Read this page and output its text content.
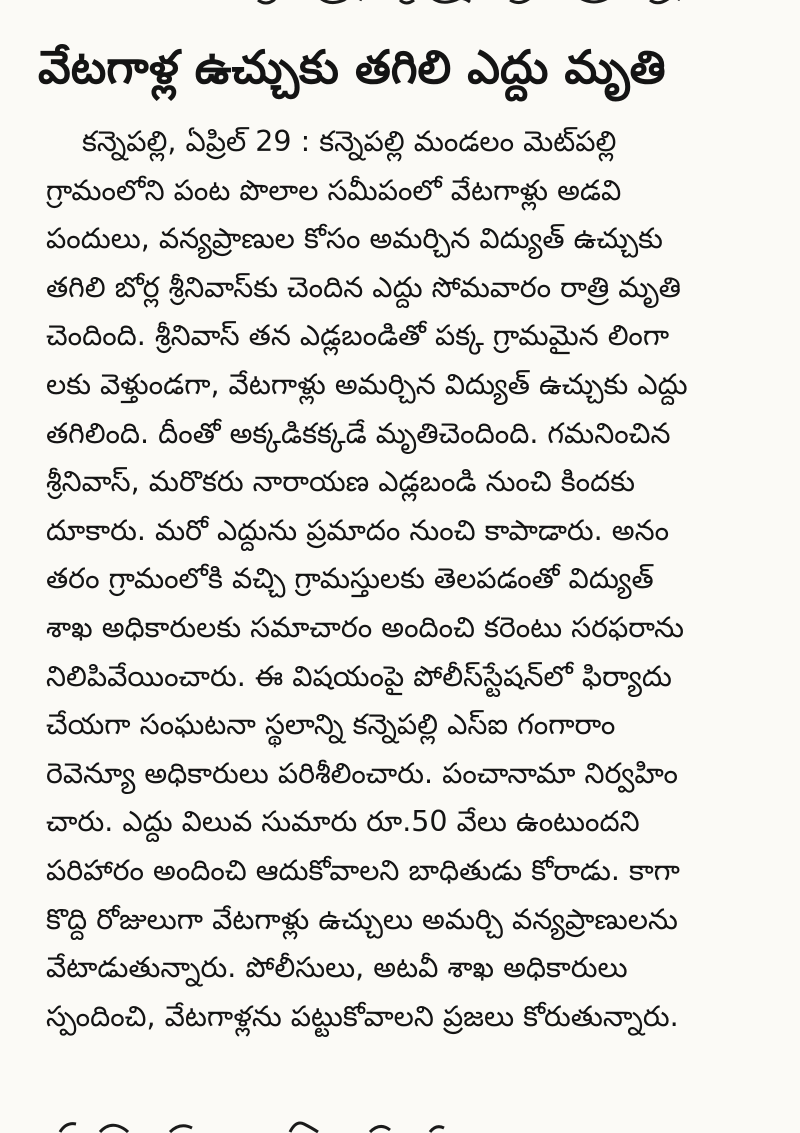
వేటగాళ్ల ఉచ్చుకు తగిలి ఎద్దు మృతి
కన్నెపల్లి, ఏప్రిల్ 29 : కన్నెపల్లి మండలం మెట్‌పల్లి
గ్రామంలోని పంట పొలాల సమీపంలో వేటగాళ్లు అడవి
పందులు, వన్యప్రాణుల కోసం అమర్చిన విద్యుత్ ఉచ్చుకు
తగిలి బోర్ల శ్రీనివాస్‌కు చెందిన ఎద్దు సోమవారం రాత్రి మృతి
చెందింది. శ్రీనివాస్ తన ఎడ్లబండితో పక్క గ్రామమైన లింగా
లకు వెళ్తుండగా, వేటగాళ్లు అమర్చిన విద్యుత్ ఉచ్చుకు ఎద్దు
తగిలింది. దీంతో అక్కడికక్కడే మృతిచెందింది. గమనించిన
శ్రీనివాస్, మరొకరు నారాయణ ఎడ్లబండి నుంచి కిందకు
దూకారు. మరో ఎద్దును ప్రమాదం నుంచి కాపాడారు. అనం
తరం గ్రామంలోకి వచ్చి గ్రామస్తులకు తెలపడంతో విద్యుత్
శాఖ అధికారులకు సమాచారం అందించి కరెంటు సరఫరాను
నిలిపివేయించారు. ఈ విషయంపై పోలీస్‌స్టేషన్‌లో ఫిర్యాదు
చేయగా సంఘటనా స్థలాన్ని కన్నెపల్లి ఎస్ఐ గంగారాం
రెవెన్యూ అధికారులు పరిశీలించారు. పంచానామా నిర్వహిం
చారు. ఎద్దు విలువ సుమారు రూ.50 వేలు ఉంటుందని
పరిహారం అందించి ఆదుకోవాలని బాధితుడు కోరాడు. కాగా
కొద్ది రోజులుగా వేటగాళ్లు ఉచ్చులు అమర్చి వన్యప్రాణులను
వేటాడుతున్నారు. పోలీసులు, అటవీ శాఖ అధికారులు
స్పందించి, వేటగాళ్లను పట్టుకోవాలని ప్రజలు కోరుతున్నారు.
